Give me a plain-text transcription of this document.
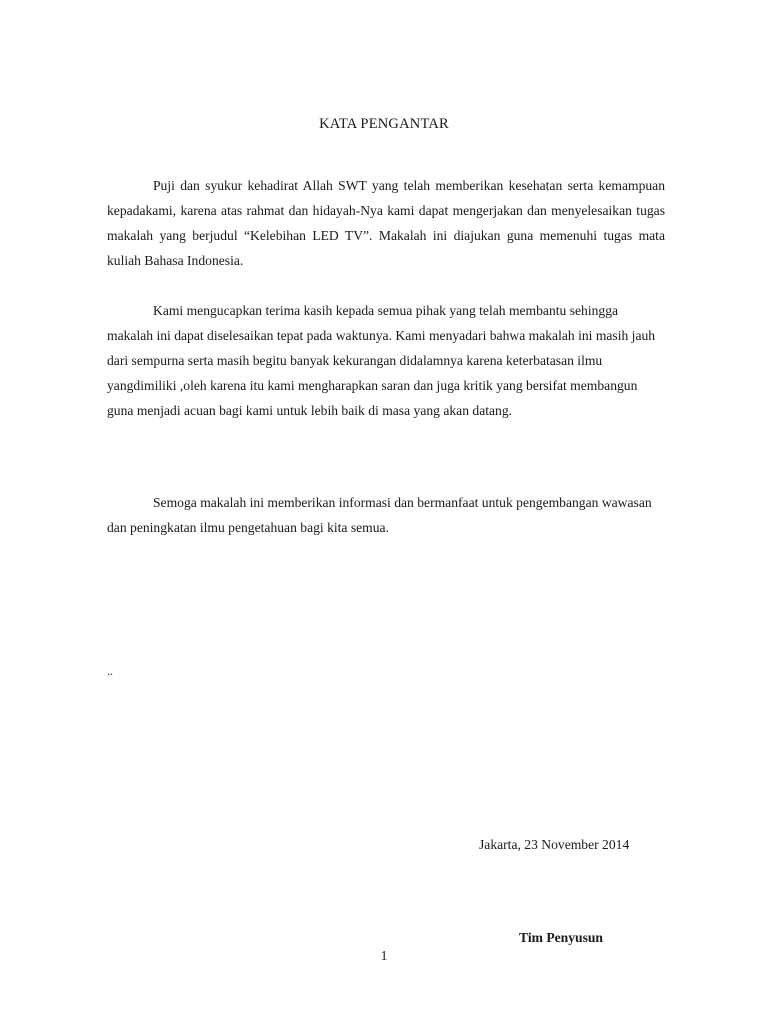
KATA PENGANTAR

Puji dan syukur kehadirat Allah SWT yang telah memberikan kesehatan serta kemampuan kepadakami, karena atas rahmat dan hidayah-Nya kami dapat mengerjakan dan menyelesaikan tugas makalah yang berjudul “Kelebihan LED TV”. Makalah ini diajukan guna memenuhi tugas mata kuliah Bahasa Indonesia.

Kami mengucapkan terima kasih kepada semua pihak yang telah membantu sehingga makalah ini dapat diselesaikan tepat pada waktunya. Kami menyadari bahwa makalah ini masih jauh dari sempurna serta masih begitu banyak kekurangan didalamnya karena keterbatasan ilmu yangdimiliki ,oleh karena itu kami mengharapkan saran dan juga kritik yang bersifat membangun guna menjadi acuan bagi kami untuk lebih baik di masa yang akan datang.

Semoga makalah ini memberikan informasi dan bermanfaat untuk pengembangan wawasan dan peningkatan ilmu pengetahuan bagi kita semua.

..

Jakarta, 23 November 2014

Tim Penyusun

1
